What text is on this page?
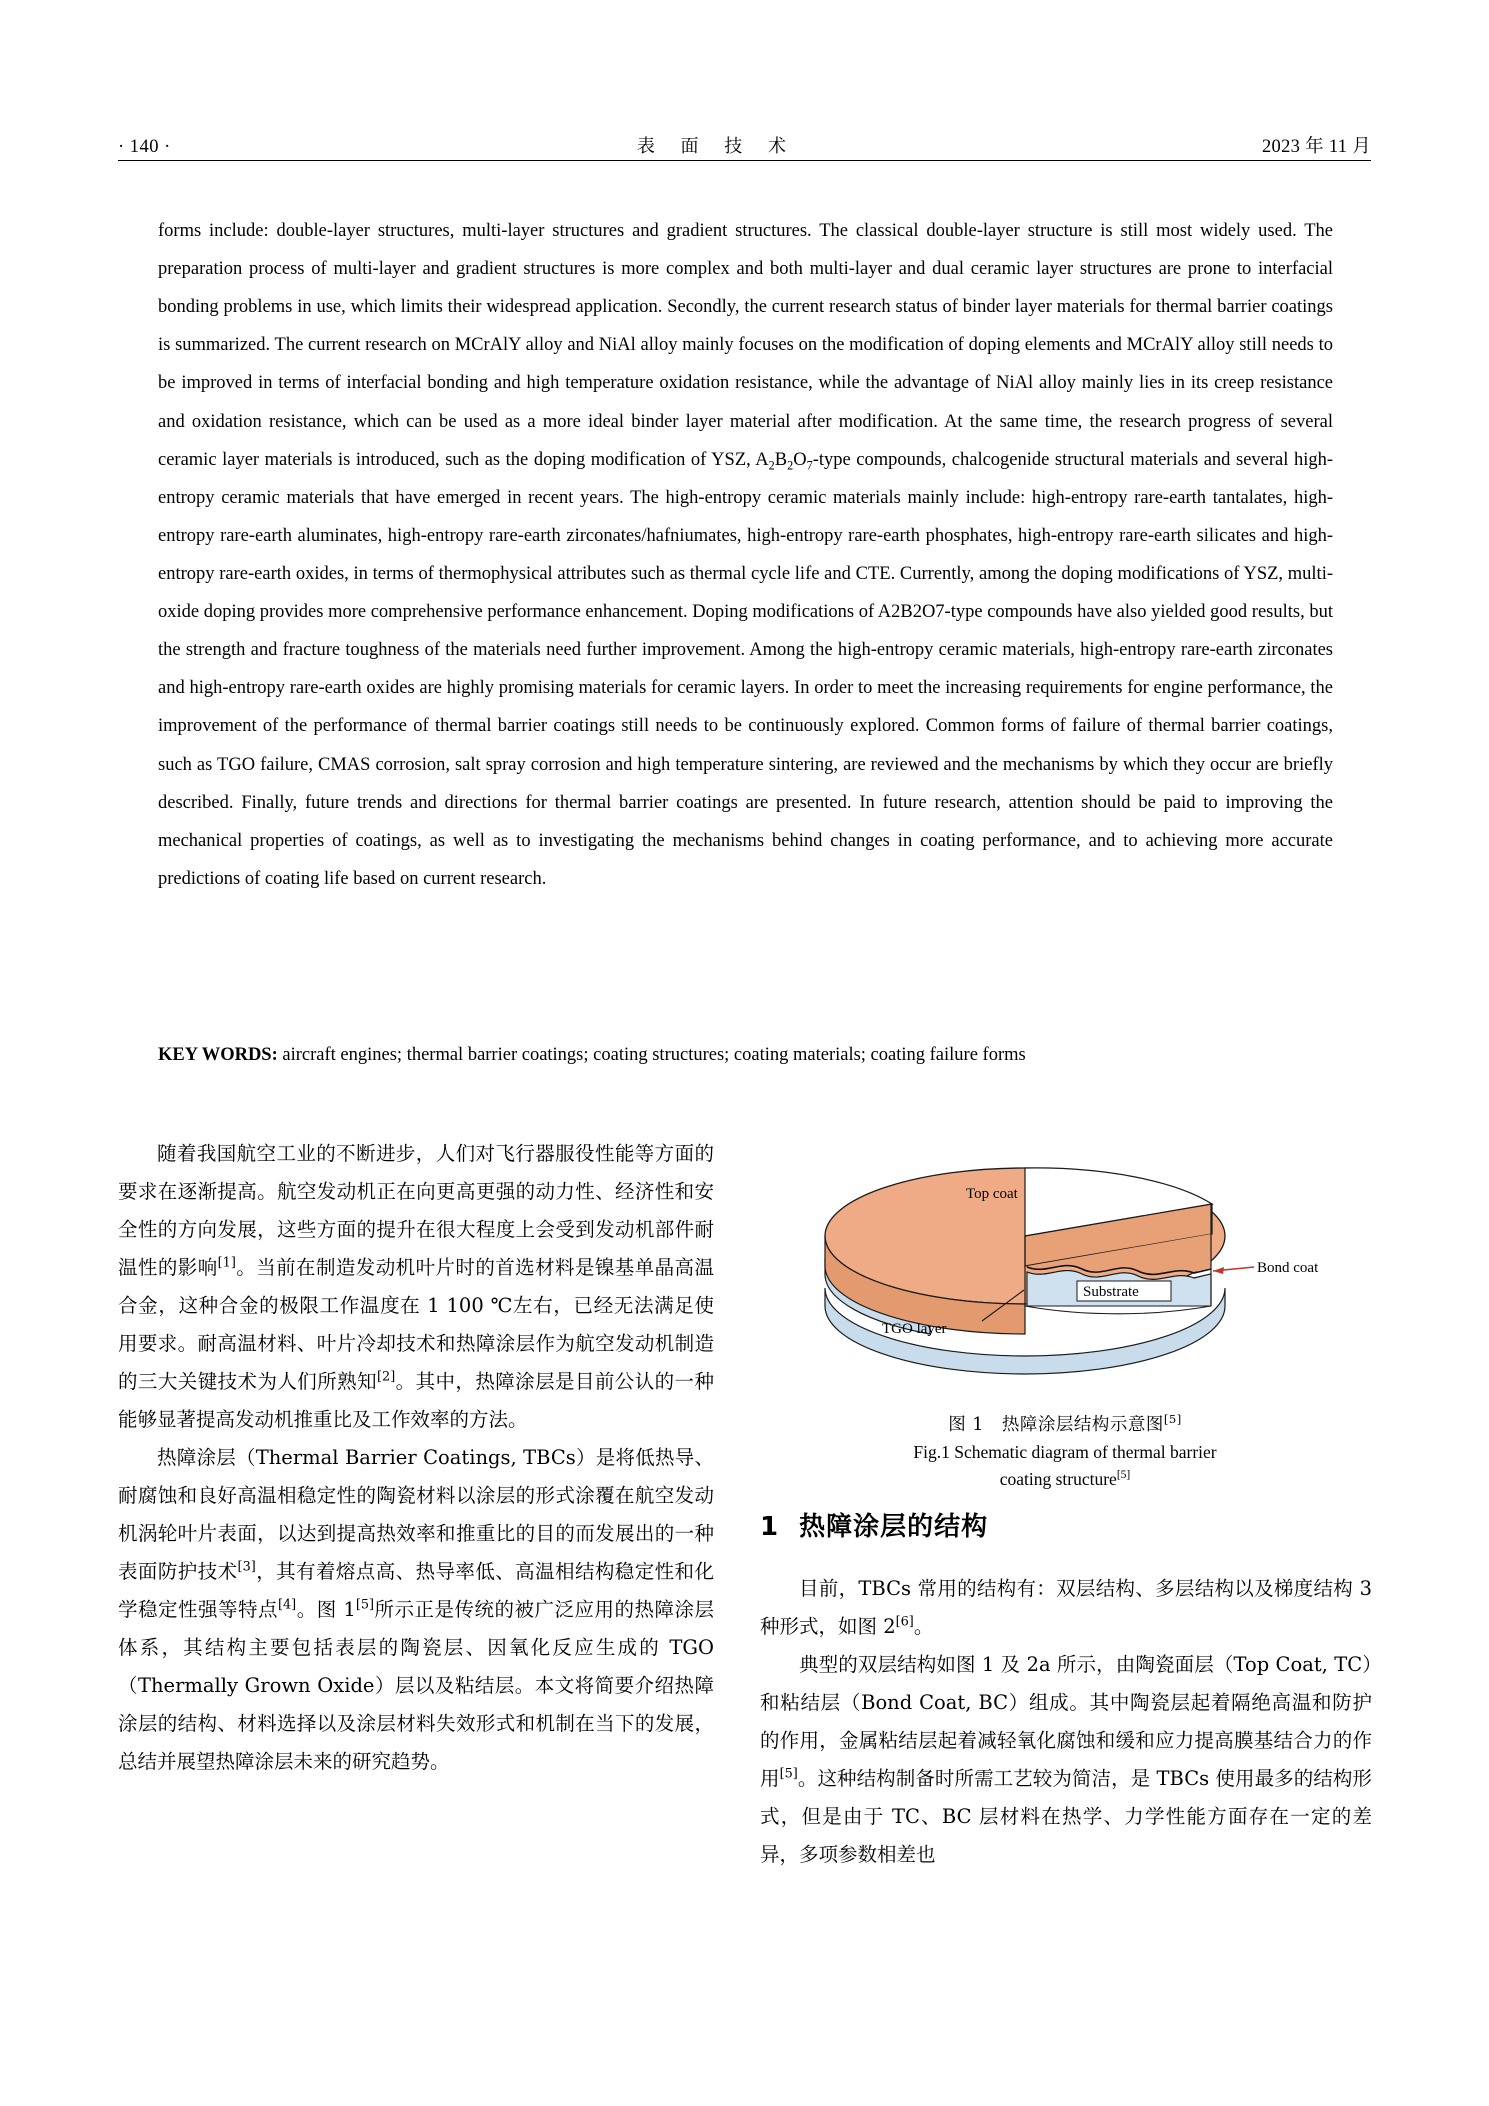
· 140 ·	表 面 技 术	2023 年 11 月

forms include: double-layer structures, multi-layer structures and gradient structures. The classical double-layer structure is still most widely used. The preparation process of multi-layer and gradient structures is more complex and both multi-layer and dual ceramic layer structures are prone to interfacial bonding problems in use, which limits their widespread application. Secondly, the current research status of binder layer materials for thermal barrier coatings is summarized. The current research on MCrAlY alloy and NiAl alloy mainly focuses on the modification of doping elements and MCrAlY alloy still needs to be improved in terms of interfacial bonding and high temperature oxidation resistance, while the advantage of NiAl alloy mainly lies in its creep resistance and oxidation resistance, which can be used as a more ideal binder layer material after modification. At the same time, the research progress of several ceramic layer materials is introduced, such as the doping modification of YSZ, $A_2B_2O_7$-type compounds, chalcogenide structural materials and several high-entropy ceramic materials that have emerged in recent years. The high-entropy ceramic materials mainly include: high-entropy rare-earth tantalates, high-entropy rare-earth aluminates, high-entropy rare-earth zirconates/hafniumates, high-entropy rare-earth phosphates, high-entropy rare-earth silicates and high-entropy rare-earth oxides, in terms of thermophysical attributes such as thermal cycle life and CTE. Currently, among the doping modifications of YSZ, multi-oxide doping provides more comprehensive performance enhancement. Doping modifications of A2B2O7-type compounds have also yielded good results, but the strength and fracture toughness of the materials need further improvement. Among the high-entropy ceramic materials, high-entropy rare-earth zirconates and high-entropy rare-earth oxides are highly promising materials for ceramic layers. In order to meet the increasing requirements for engine performance, the improvement of the performance of thermal barrier coatings still needs to be continuously explored. Common forms of failure of thermal barrier coatings, such as TGO failure, CMAS corrosion, salt spray corrosion and high temperature sintering, are reviewed and the mechanisms by which they occur are briefly described. Finally, future trends and directions for thermal barrier coatings are presented. In future research, attention should be paid to improving the mechanical properties of coatings, as well as to investigating the mechanisms behind changes in coating performance, and to achieving more accurate predictions of coating life based on current research.

KEY WORDS: aircraft engines; thermal barrier coatings; coating structures; coating materials; coating failure forms

随着我国航空工业的不断进步，人们对飞行器服役性能等方面的要求在逐渐提高。航空发动机正在向更高更强的动力性、经济性和安全性的方向发展，这些方面的提升在很大程度上会受到发动机部件耐温性的影响[1]。当前在制造发动机叶片时的首选材料是镍基单晶高温合金，这种合金的极限工作温度在 1 100 ℃左右，已经无法满足使用要求。耐高温材料、叶片冷却技术和热障涂层作为航空发动机制造的三大关键技术为人们所熟知[2]。其中，热障涂层是目前公认的一种能够显著提高发动机推重比及工作效率的方法。

热障涂层（Thermal Barrier Coatings, TBCs）是将低热导、耐腐蚀和良好高温相稳定性的陶瓷材料以涂层的形式涂覆在航空发动机涡轮叶片表面，以达到提高热效率和推重比的目的而发展出的一种表面防护技术[3]，其有着熔点高、热导率低、高温相结构稳定性和化学稳定性强等特点[4]。图 1[5]所示正是传统的被广泛应用的热障涂层体系，其结构主要包括表层的陶瓷层、因氧化反应生成的 TGO（Thermally Grown Oxide）层以及粘结层。本文将简要介绍热障涂层的结构、材料选择以及涂层材料失效形式和机制在当下的发展，总结并展望热障涂层未来的研究趋势。

Top coat
Substrate
Bond coat
TGO layer
图 1　热障涂层结构示意图[5]
Fig.1 Schematic diagram of thermal barrier
coating structure[5]
1 热障涂层的结构

目前，TBCs 常用的结构有：双层结构、多层结构以及梯度结构 3 种形式，如图 2[6]。

典型的双层结构如图 1 及 2a 所示，由陶瓷面层（Top Coat, TC）和粘结层（Bond Coat, BC）组成。其中陶瓷层起着隔绝高温和防护的作用，金属粘结层起着减轻氧化腐蚀和缓和应力提高膜基结合力的作用[5]。这种结构制备时所需工艺较为简洁，是 TBCs 使用最多的结构形式，但是由于 TC、BC 层材料在热学、力学性能方面存在一定的差异，多项参数相差也
